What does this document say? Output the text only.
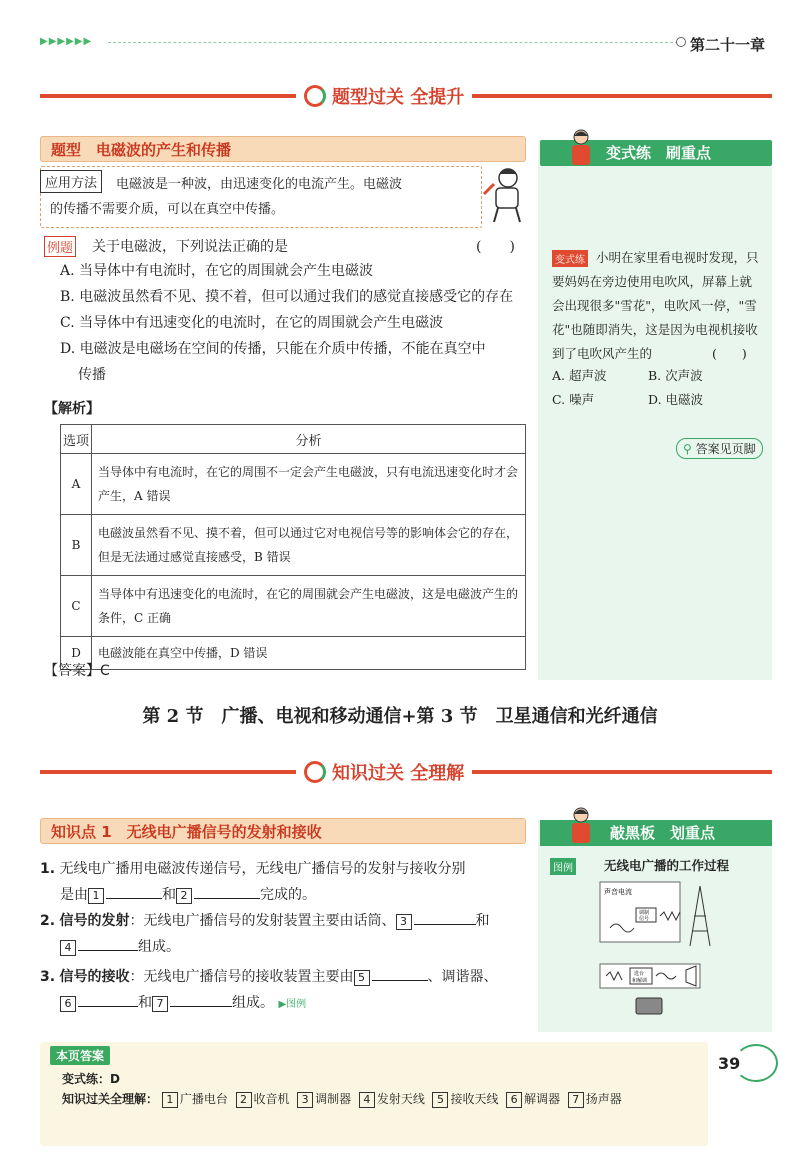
▶▶▶▶▶▶	第二十一章
题型过关 全提升
题型　电磁波的产生和传播
应用方法	电磁波是一种波，由迅速变化的电流产生。电磁波
的传播不需要介质，可以在真空中传播。
例题 关于电磁波，下列说法正确的是	(　　)
A. 当导体中有电流时，在它的周围就会产生电磁波
B. 电磁波虽然看不见、摸不着，但可以通过我们的感觉直接感受它的存在
C. 当导体中有迅速变化的电流时，在它的周围就会产生电磁波
D. 电磁波是电磁场在空间的传播，只能在介质中传播，不能在真空中
传播
【解析】
选项	分析
A	当导体中有电流时，在它的周围不一定会产生电磁波，只有电流迅速变化时才会产生，A 错误
B	电磁波虽然看不见、摸不着，但可以通过它对电视信号等的影响体会它的存在，但是无法通过感觉直接感受，B 错误
C	当导体中有迅速变化的电流时，在它的周围就会产生电磁波，这是电磁波产生的条件，C 正确
D	电磁波能在真空中传播，D 错误
【答案】C
变式练　刷重点
变式练 小明在家里看电视时发现，只要妈妈在旁边使用电吹风，屏幕上就会出现很多"雪花"，电吹风一停，"雪花"也随即消失，这是因为电视机接收到了电吹风产生的	(　　)
A. 超声波	B. 次声波
C. 噪声	D. 电磁波
⚲ 答案见页脚
第 2 节　广播、电视和移动通信+第 3 节　卫星通信和光纤通信
知识过关 全理解
知识点 1　无线电广播信号的发射和接收
1. 无线电广播用电磁波传递信号，无线电广播信号的发射与接收分别
是由 1	和 2	完成的。
2. 信号的发射：无线电广播信号的发射装置主要由话筒、 3	和
4	组成。
3. 信号的接收：无线电广播信号的接收装置主要由 5	、调谐器、
6	和 7	组成。 ▶图例
敲黑板　划重点
图例 无线电广播的工作过程
声音电流
调制
信号
选台
和解调
本页答案
变式练：D
知识过关全理解： 1 广播电台 2 收音机 3 调制器 4 发射天线 5 接收天线 6 解调器 7 扬声器
39
